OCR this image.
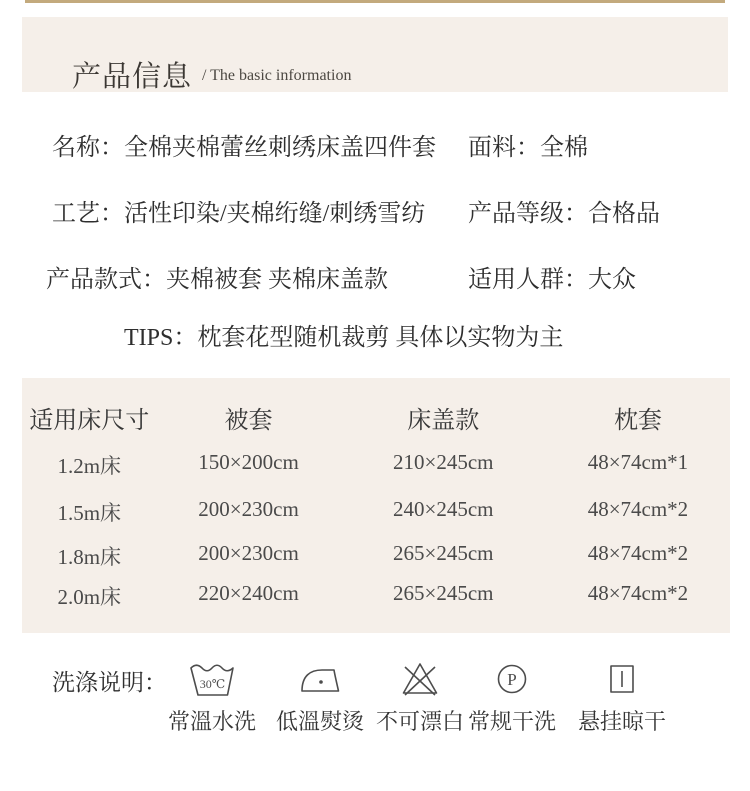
产品信息 / The basic information
名称：全棉夹棉蕾丝刺绣床盖四件套 面料：全棉
工艺：活性印染/夹棉绗缝/刺绣雪纺 产品等级：合格品
产品款式：夹棉被套 夹棉床盖款	适用人群：大众
TIPS：枕套花型随机裁剪 具体以实物为主
适用床尺寸	被套	床盖款	枕套
1.2m床	150×200cm	210×245cm	48×74cm*1
1.5m床	200×230cm	240×245cm	48×74cm*2
1.8m床	200×230cm	265×245cm	48×74cm*2
2.0m床	220×240cm	265×245cm	48×74cm*2
洗涤说明：	30℃
常溫水洗 低溫熨烫 不可漂白
P
常规干洗 悬挂晾干
